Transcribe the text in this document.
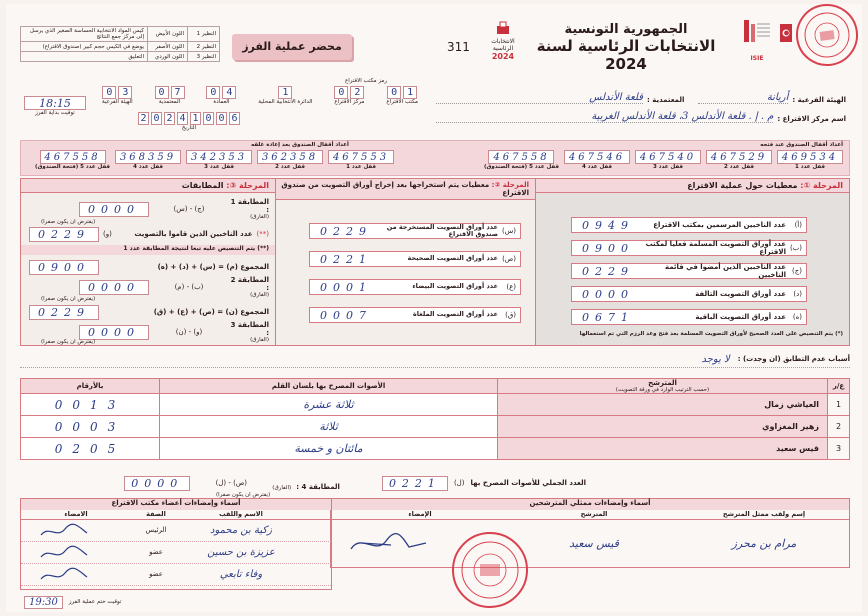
ISIE
الجمهورية التونسية
الانتخابات الرئاسية لسنة 2024
الانتخابات الرئاسية
2024
311
محضر عملية الفرز
النظير 1	اللون الأبيض	كيس المواد الانتخابية الحساسة الصغير الذي يرسل إلى مركز جمع النتائج
النظير 2	اللون الأصفر	يوضع في الكيس حجم كبير (صندوق الاقتراع)
النظير 3	اللون الوردي	التعليق
رمز مكتب الاقتراع
0 1
مكتب الاقتراع
0 2
مركز الاقتراع
1
الدائرة الانتخابية المحلية
0 4
العمادة
0 7
المعتمدية
0 3
الهيئة الفرعية
18:15
توقيت بداية الفرز	2 0 2 4 1 0 0 6
التاريخ
الهيئة الفرعية :
أريانة
المعتمدية :
قلعة الأندلس
اسم مركز الاقتراع :
م . إ . قلعة الأندلس 3، قلعة الأندلس الغربية
أعداد أقفال الصندوق عند فتحه
أعداد أقفال الصندوق بعد إعادة غلقه
469534
قفل عدد 1
467529
قفل عدد 2
467540
قفل عدد 3
467546
قفل عدد 4
467558
قفل عدد 5 (فتحة الصندوق)
467553
قفل عدد 1
362358
قفل عدد 2
342353
قفل عدد 3
368359
قفل عدد 4
467558
قفل عدد 5 (فتحة الصندوق)
المرحلة ①: معطيات حول عملية الاقتراع
(أ)
عدد الناخبين المرسمين بمكتب الاقتراع
0949
(ب)
عدد أوراق التصويت المسلمة فعليا لمكتب الاقتراع
0900
(ج)
عدد الناخبين الذين أمضوا في قائمة الناخبين
0229
(د)
عدد أوراق التصويت التالفة
0000
(ه)
عدد أوراق التصويت الباقية
0671
(*) يتم التنصيص على العدد الصحيح لأوراق التصويت المسلمة بعد فتح وعد الرزم التي تم استعمالها
المرحلة ②: معطيات يتم استخراجها بعد إخراج أوراق التصويت من صندوق الاقتراع
(س)
عدد أوراق التصويت المستخرجة من صندوق الاقتراع
0229
(ص)
عدد أوراق التصويت الصحيحة
0221
(ع)
عدد أوراق التصويت البيضاء
0001
(ق)
عدد أوراق التصويت الملغاة
0007
المرحلة ③: المطابقات
المطابقة 1 :
(الفارق)
(ج) - (س)
0000
(يفترض ان يكون صفرا)
(**)
عدد الناخبين الذين قاموا بالتصويت
(و)
0229
(**) يتم التنصيص عليه تبعا لنتيجة المطابقة عدد 1
المجموع (م) = (س) + (د) + (ه)
0900
المطابقة 2 :
(الفارق)
(ب) - (م)
0000
(يفترض ان يكون صفرا)
المجموع (ن) = (ص) + (ع) + (ق)
0229
المطابقة 3 :
(الفارق)
(و) - (ن)
0000
(يفترض ان يكون صفرا)
أسباب عدم التطابق (ان وجدت) :
لا يوجد
ع/ر	المترشح
(حسب الترتيب الوارد في ورقة التصويت)	الأصوات المصرح بها بلسان القلم	بالأرقام
1	العياشي زمال	ثلاثة عشرة	0013
2	زهير المغزاوي	ثلاثة	0003
3	قيس سعيد	مائتان و خمسة	0205
العدد الجملي للأصوات المصرح بها
(ل)
0221
المطابقة 4 : (الفارق)
(ص) - (ل)
0000
(يفترض ان يكون صفرا)
أسماء وإمضاءات ممثلي المترشحين
إسم ولقب ممثل المترشح
المترشح
الإمضاء
مرام بن محرز
قيس سعيد
أسماء وإمضاءات أعضاء مكتب الاقتراع
الاسم واللقب
الصفة
الامضاء
زكية بن محمود
الرئيس
عزيزة بن حسين
عضو
وفاء تابعي
عضو
19:30	توقيت ختم عملية الفرز
